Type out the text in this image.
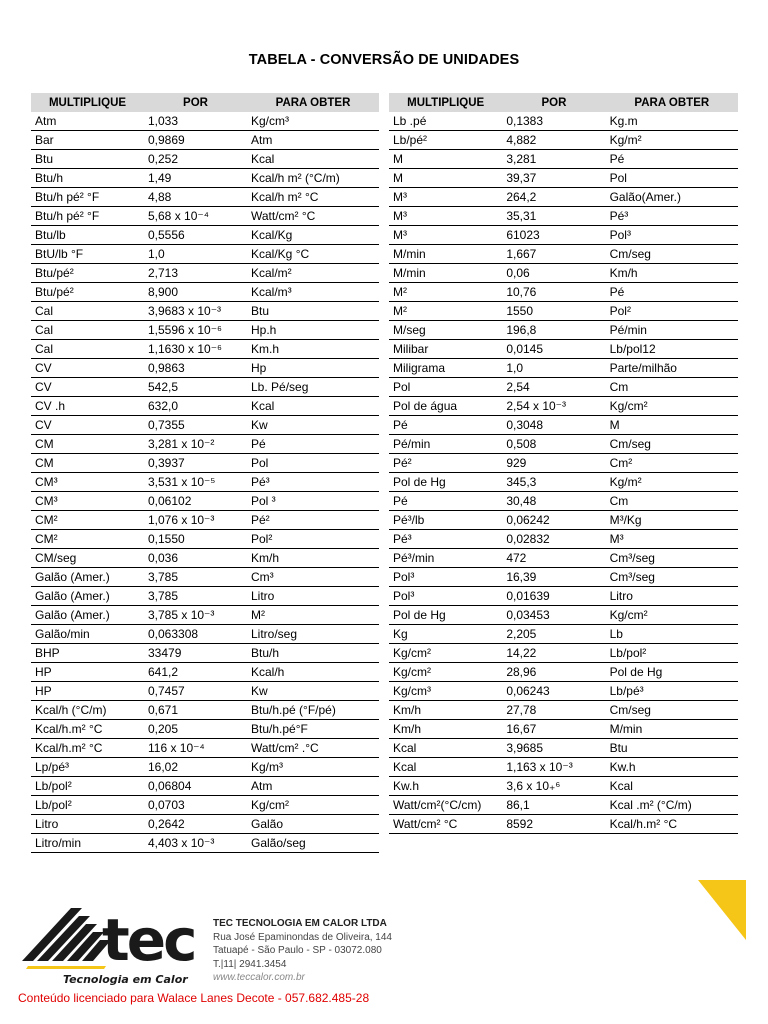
TABELA - CONVERSÃO DE UNIDADES
MULTIPLIQUE	POR	PARA OBTER
Atm	1,033	Kg/cm³
Bar	0,9869	Atm
Btu	0,252	Kcal
Btu/h	1,49	Kcal/h m² (°C/m)
Btu/h pé² °F	4,88	Kcal/h m² °C
Btu/h pé² °F	5,68 x 10⁻⁴	Watt/cm² °C
Btu/lb	0,5556	Kcal/Kg
BtU/lb °F	1,0	Kcal/Kg °C
Btu/pé²	2,713	Kcal/m²
Btu/pé²	8,900	Kcal/m³
Cal	3,9683 x 10⁻³	Btu
Cal	1,5596 x 10⁻⁶	Hp.h
Cal	1,1630 x 10⁻⁶	Km.h
CV	0,9863	Hp
CV	542,5	Lb. Pé/seg
CV .h	632,0	Kcal
CV	0,7355	Kw
CM	3,281 x 10⁻²	Pé
CM	0,3937	Pol
CM³	3,531 x 10⁻⁵	Pé³
CM³	0,06102	Pol ³
CM²	1,076 x 10⁻³	Pé²
CM²	0,1550	Pol²
CM/seg	0,036	Km/h
Galão (Amer.)	3,785	Cm³
Galão (Amer.)	3,785	Litro
Galão (Amer.)	3,785 x 10⁻³	M²
Galão/min	0,063308	Litro/seg
BHP	33479	Btu/h
HP	641,2	Kcal/h
HP	0,7457	Kw
Kcal/h (°C/m)	0,671	Btu/h.pé (°F/pé)
Kcal/h.m² °C	0,205	Btu/h.pé°F
Kcal/h.m² °C	116 x 10⁻⁴	Watt/cm² .°C
Lp/pé³	16,02	Kg/m³
Lb/pol²	0,06804	Atm
Lb/pol²	0,0703	Kg/cm²
Litro	0,2642	Galão
Litro/min	4,403 x 10⁻³	Galão/seg
MULTIPLIQUE	POR	PARA OBTER
Lb .pé	0,1383	Kg.m
Lb/pé²	4,882	Kg/m²
M	3,281	Pé
M	39,37	Pol
M³	264,2	Galão(Amer.)
M³	35,31	Pé³
M³	61023	Pol³
M/min	1,667	Cm/seg
M/min	0,06	Km/h
M²	10,76	Pé
M²	1550	Pol²
M/seg	196,8	Pé/min
Milibar	0,0145	Lb/pol12
Miligrama	1,0	Parte/milhão
Pol	2,54	Cm
Pol de água	2,54 x 10⁻³	Kg/cm²
Pé	0,3048	M
Pé/min	0,508	Cm/seg
Pé²	929	Cm²
Pol de Hg	345,3	Kg/m²
Pé	30,48	Cm
Pé³/lb	0,06242	M³/Kg
Pé³	0,02832	M³
Pé³/min	472	Cm³/seg
Pol³	16,39	Cm³/seg
Pol³	0,01639	Litro
Pol de Hg	0,03453	Kg/cm²
Kg	2,205	Lb
Kg/cm²	14,22	Lb/pol²
Kg/cm²	28,96	Pol de Hg
Kg/cm³	0,06243	Lb/pé³
Km/h	27,78	Cm/seg
Km/h	16,67	M/min
Kcal	3,9685	Btu
Kcal	1,163 x 10⁻³	Kw.h
Kw.h	3,6 x 10₊⁶	Kcal
Watt/cm²(°C/cm)	86,1	Kcal .m² (°C/m)
Watt/cm² °C	8592	Kcal/h.m² °C
tec
Tecnologia em Calor
TEC TECNOLOGIA EM CALOR LTDA
Rua José Epaminondas de Oliveira, 144
Tatuapé - São Paulo - SP - 03072.080
T.|11| 2941.3454
www.teccalor.com.br
Conteúdo licenciado para Walace Lanes Decote - 057.682.485-28
